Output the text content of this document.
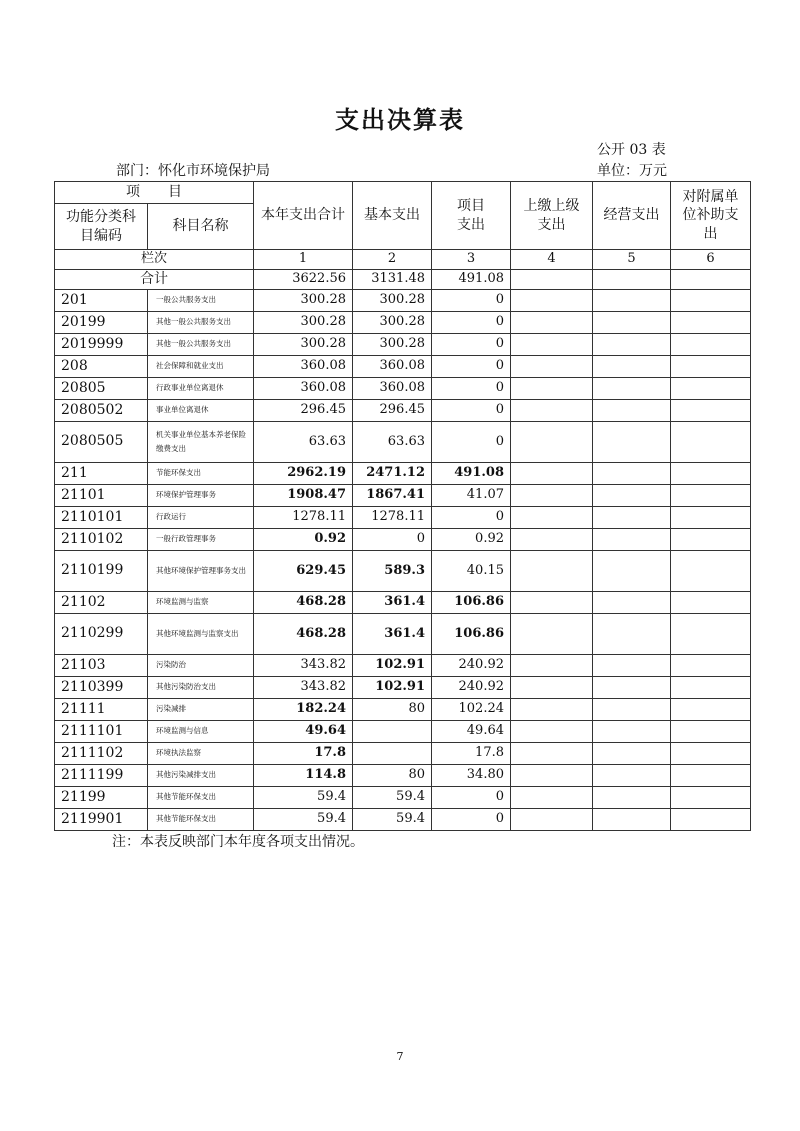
支出决算表
公开 03 表
部门：怀化市环境保护局	单位：万元
项　　目		本年支出合计	基本支出	项目支出	上缴上级支出	经营支出	对附属单位补助支出
功能分类科目编码	科目名称						
栏次		1	2	3	4	5	6
合计		3622.56	3131.48	491.08			
201	一般公共服务支出	300.28	300.28	0			
20199	其他一般公共服务支出	300.28	300.28	0			
2019999	其他一般公共服务支出	300.28	300.28	0			
208	社会保障和就业支出	360.08	360.08	0			
20805	行政事业单位离退休	360.08	360.08	0			
2080502	事业单位离退休	296.45	296.45	0			
2080505	机关事业单位基本养老保险缴费支出	63.63	63.63	0			
211	节能环保支出	2962.19	2471.12	491.08			
21101	环境保护管理事务	1908.47	1867.41	41.07			
2110101	行政运行	1278.11	1278.11	0			
2110102	一般行政管理事务	0.92	0	0.92			
2110199	其他环境保护管理事务支出	629.45	589.3	40.15			
21102	环境监测与监察	468.28	361.4	106.86			
2110299	其他环境监测与监察支出	468.28	361.4	106.86			
21103	污染防治	343.82	102.91	240.92			
2110399	其他污染防治支出	343.82	102.91	240.92			
21111	污染减排	182.24	80	102.24			
2111101	环境监测与信息	49.64		49.64			
2111102	环境执法监察	17.8		17.8			
2111199	其他污染减排支出	114.8	80	34.80			
21199	其他节能环保支出	59.4	59.4	0			
2119901	其他节能环保支出	59.4	59.4	0			
注：本表反映部门本年度各项支出情况。
7
